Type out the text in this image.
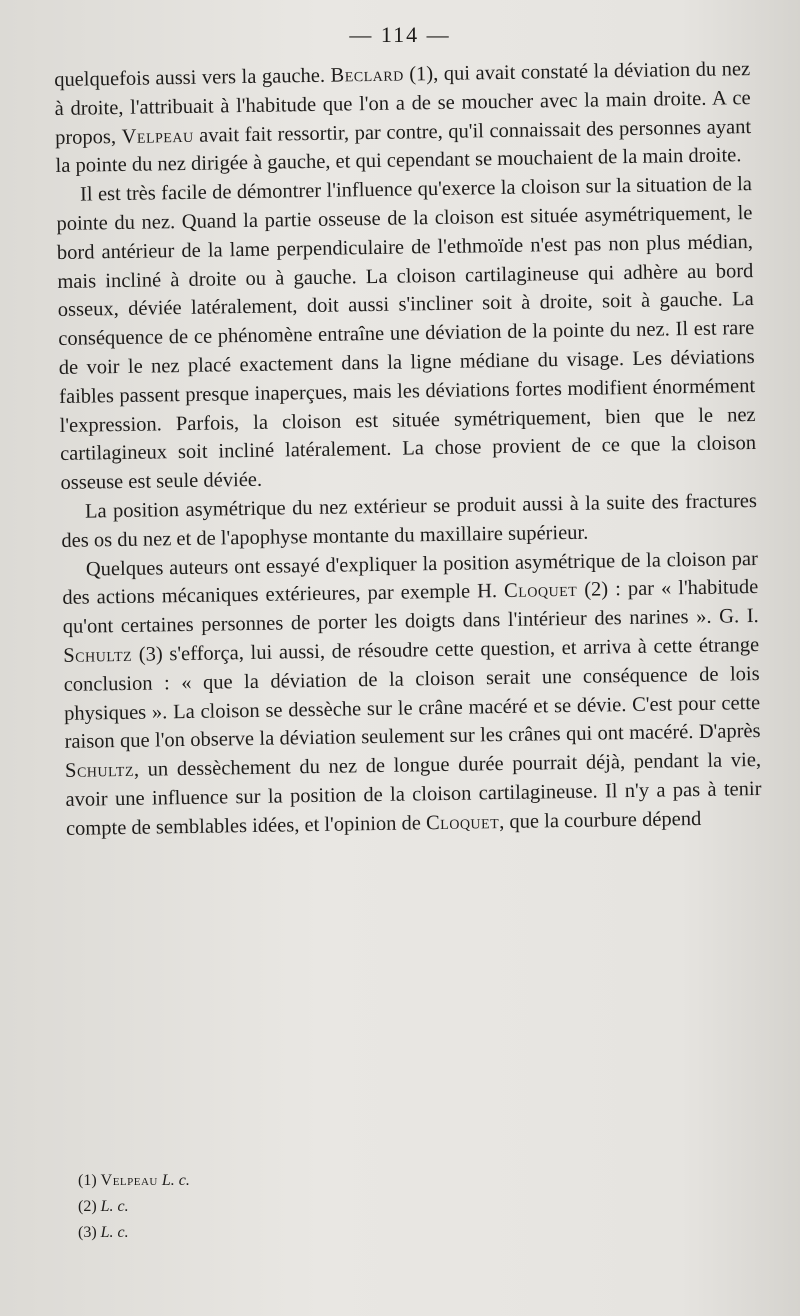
— 114 —

quelquefois aussi vers la gauche. Beclard (1), qui avait constaté la déviation du nez à droite, l'attribuait à l'habitude que l'on a de se moucher avec la main droite. A ce propos, Velpeau avait fait ressortir, par contre, qu'il connaissait des personnes ayant la pointe du nez dirigée à gauche, et qui cependant se mouchaient de la main droite.

Il est très facile de démontrer l'influence qu'exerce la cloison sur la situation de la pointe du nez. Quand la partie osseuse de la cloison est située asymétriquement, le bord antérieur de la lame perpendiculaire de l'ethmoïde n'est pas non plus médian, mais incliné à droite ou à gauche. La cloison cartilagineuse qui adhère au bord osseux, déviée latéralement, doit aussi s'incliner soit à droite, soit à gauche. La conséquence de ce phénomène entraîne une déviation de la pointe du nez. Il est rare de voir le nez placé exactement dans la ligne médiane du visage. Les déviations faibles passent presque inaperçues, mais les déviations fortes modifient énormément l'expression. Parfois, la cloison est située symétriquement, bien que le nez cartilagineux soit incliné latéralement. La chose provient de ce que la cloison osseuse est seule déviée.

La position asymétrique du nez extérieur se produit aussi à la suite des fractures des os du nez et de l'apophyse montante du maxillaire supérieur.

Quelques auteurs ont essayé d'expliquer la position asymétrique de la cloison par des actions mécaniques extérieures, par exemple H. Cloquet (2) : par « l'habitude qu'ont certaines personnes de porter les doigts dans l'intérieur des narines ». G. I. Schultz (3) s'efforça, lui aussi, de résoudre cette question, et arriva à cette étrange conclusion : « que la déviation de la cloison serait une conséquence de lois physiques ». La cloison se dessèche sur le crâne macéré et se dévie. C'est pour cette raison que l'on observe la déviation seulement sur les crânes qui ont macéré. D'après Schultz, un dessèchement du nez de longue durée pourrait déjà, pendant la vie, avoir une influence sur la position de la cloison cartilagineuse. Il n'y a pas à tenir compte de semblables idées, et l'opinion de Cloquet, que la courbure dépend

(1) Velpeau L. c.
(2) L. c.
(3) L. c.
